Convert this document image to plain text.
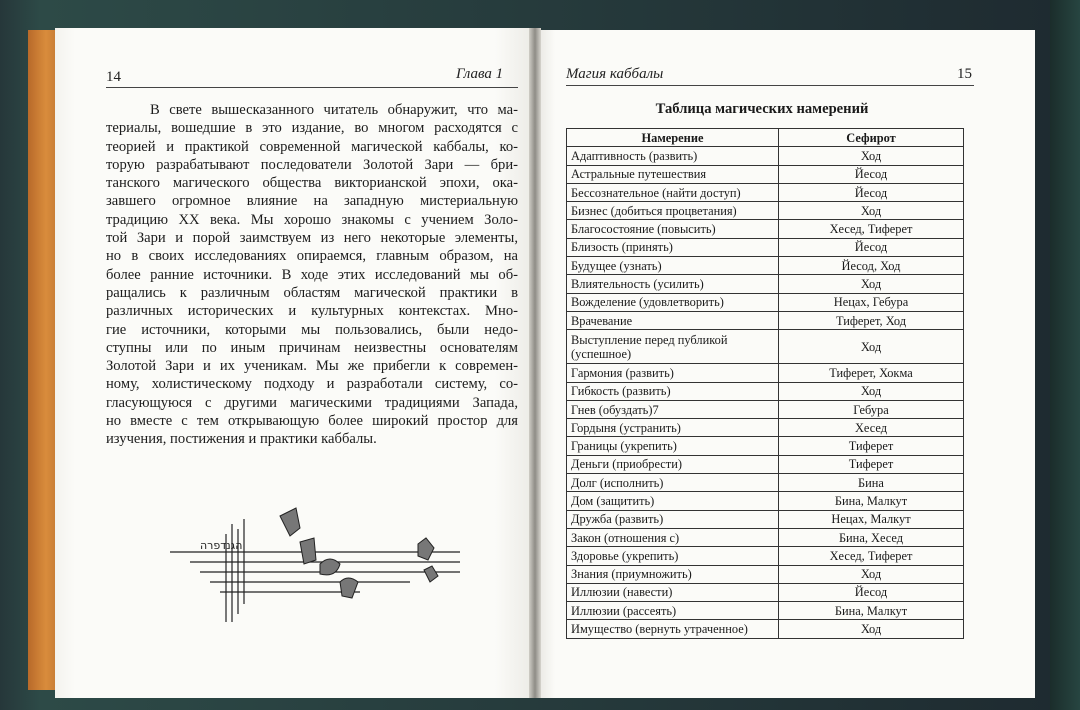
14	Глава 1
В свете вышесказанного читатель обнаружит, что ма-
териалы, вошедшие в это издание, во многом расходятся с
теорией и практикой современной магической каббалы, ко-
торую разрабатывают последователи Золотой Зари — бри-
танского магического общества викторианской эпохи, ока-
завшего огромное влияние на западную мистериальную
традицию XX века. Мы хорошо знакомы с учением Золо-
той Зари и порой заимствуем из него некоторые элементы,
но в своих исследованиях опираемся, главным образом, на
более ранние источники. В ходе этих исследований мы об-
ращались к различным областям магической практики в
различных исторических и культурных контекстах. Мно-
гие источники, которыми мы пользовались, были недо-
ступны или по иным причинам неизвестны основателям
Золотой Зари и их ученикам. Мы же прибегли к современ-
ному, холистическому подходу и разработали систему, со-
гласующуюся с другими магическими традициями Запада,
но вместе с тем открывающую более широкий простор для
изучения, постижения и практики каббалы.
הגנדפרה
Магия каббалы	15
Таблица магических намерений
Намерение	Сефирот
Адаптивность (развить)	Ход
Астральные путешествия	Йесод
Бессознательное (найти доступ)	Йесод
Бизнес (добиться процветания)	Ход
Благосостояние (повысить)	Хесед, Тиферет
Близость (принять)	Йесод
Будущее (узнать)	Йесод, Ход
Влиятельность (усилить)	Ход
Вожделение (удовлетворить)	Нецах, Гебура
Врачевание	Тиферет, Ход
Выступление перед публикой (успешное)	Ход
Гармония (развить)	Тиферет, Хокма
Гибкость (развить)	Ход
Гнев (обуздать)7	Гебура
Гордыня (устранить)	Хесед
Границы (укрепить)	Тиферет
Деньги (приобрести)	Тиферет
Долг (исполнить)	Бина
Дом (защитить)	Бина, Малкут
Дружба (развить)	Нецах, Малкут
Закон (отношения с)	Бина, Хесед
Здоровье (укрепить)	Хесед, Тиферет
Знания (приумножить)	Ход
Иллюзии (навести)	Йесод
Иллюзии (рассеять)	Бина, Малкут
Имущество (вернуть утраченное)	Ход
